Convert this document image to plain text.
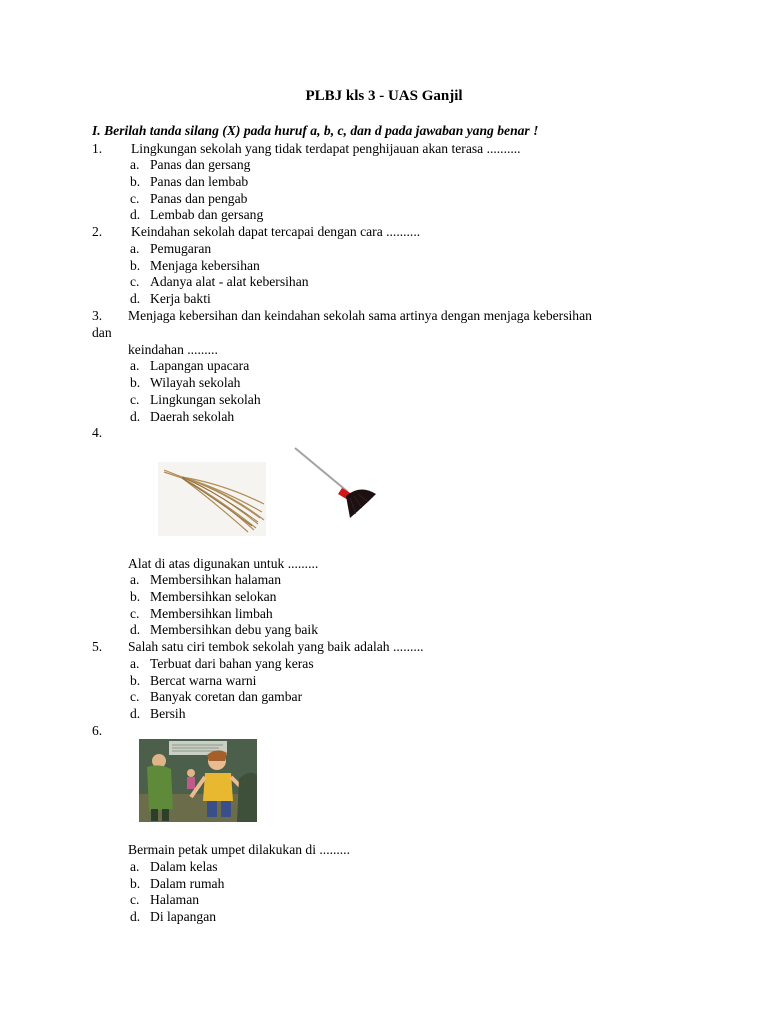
PLBJ kls 3 - UAS Ganjil
I. Berilah tanda silang (X) pada huruf a, b, c, dan d pada jawaban yang benar !
1. Lingkungan sekolah yang tidak terdapat penghijauan akan terasa ..........
a. Panas dan gersang
b. Panas dan lembab
c. Panas dan pengab
d. Lembab dan gersang
2. Keindahan sekolah dapat tercapai dengan cara ..........
a. Pemugaran
b. Menjaga kebersihan
c. Adanya alat - alat kebersihan
d. Kerja bakti
3. Menjaga kebersihan dan keindahan sekolah sama artinya dengan menjaga kebersihan
dan
keindahan .........
a. Lapangan upacara
b. Wilayah sekolah
c. Lingkungan sekolah
d. Daerah sekolah
4.
Alat di atas digunakan untuk .........
a. Membersihkan halaman
b. Membersihkan selokan
c. Membersihkan limbah
d. Membersihkan debu yang baik
5. Salah satu ciri tembok sekolah yang baik adalah .........
a. Terbuat dari bahan yang keras
b. Bercat warna warni
c. Banyak coretan dan gambar
d. Bersih
6.
Bermain petak umpet dilakukan di .........
a. Dalam kelas
b. Dalam rumah
c. Halaman
d. Di lapangan
